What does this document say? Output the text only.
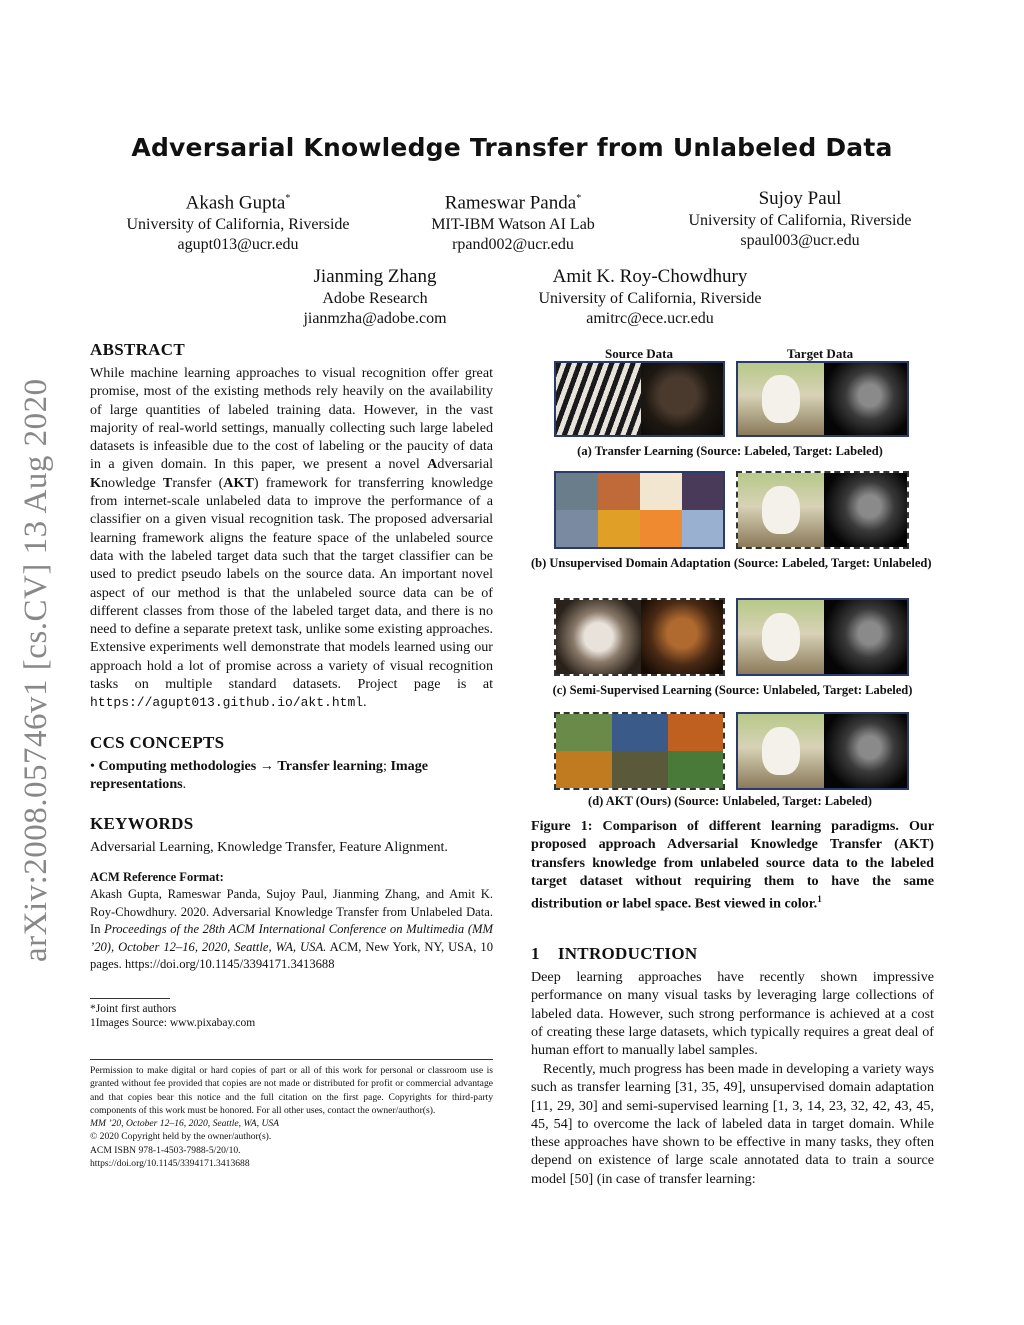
arXiv:2008.05746v1 [cs.CV] 13 Aug 2020
Adversarial Knowledge Transfer from Unlabeled Data
Akash Gupta*
University of California, Riverside
agupt013@ucr.edu
Rameswar Panda*
MIT-IBM Watson AI Lab
rpand002@ucr.edu
Sujoy Paul
University of California, Riverside
spaul003@ucr.edu
Jianming Zhang
Adobe Research
jianmzha@adobe.com
Amit K. Roy-Chowdhury
University of California, Riverside
amitrc@ece.ucr.edu
ABSTRACT
While machine learning approaches to visual recognition offer great promise, most of the existing methods rely heavily on the availability of large quantities of labeled training data. However, in the vast majority of real-world settings, manually collecting such large labeled datasets is infeasible due to the cost of labeling or the paucity of data in a given domain. In this paper, we present a novel Adversarial Knowledge Transfer (AKT) framework for transferring knowledge from internet-scale unlabeled data to improve the performance of a classifier on a given visual recognition task. The proposed adversarial learning framework aligns the feature space of the unlabeled source data with the labeled target data such that the target classifier can be used to predict pseudo labels on the source data. An important novel aspect of our method is that the unlabeled source data can be of different classes from those of the labeled target data, and there is no need to define a separate pretext task, unlike some existing approaches. Extensive experiments well demonstrate that models learned using our approach hold a lot of promise across a variety of visual recognition tasks on multiple standard datasets. Project page is at https://agupt013.github.io/akt.html.
CCS CONCEPTS
• Computing methodologies → Transfer learning; Image representations.
KEYWORDS
Adversarial Learning, Knowledge Transfer, Feature Alignment.
ACM Reference Format:
Akash Gupta, Rameswar Panda, Sujoy Paul, Jianming Zhang, and Amit K. Roy-Chowdhury. 2020. Adversarial Knowledge Transfer from Unlabeled Data. In Proceedings of the 28th ACM International Conference on Multimedia (MM ’20), October 12–16, 2020, Seattle, WA, USA. ACM, New York, NY, USA, 10 pages. https://doi.org/10.1145/3394171.3413688
*Joint first authors
1Images Source: www.pixabay.com
Permission to make digital or hard copies of part or all of this work for personal or classroom use is granted without fee provided that copies are not made or distributed for profit or commercial advantage and that copies bear this notice and the full citation on the first page. Copyrights for third-party components of this work must be honored. For all other uses, contact the owner/author(s).
MM ’20, October 12–16, 2020, Seattle, WA, USA
© 2020 Copyright held by the owner/author(s).
ACM ISBN 978-1-4503-7988-5/20/10.
https://doi.org/10.1145/3394171.3413688
Source Data	Target Data
(a) Transfer Learning (Source: Labeled, Target: Labeled)
(b) Unsupervised Domain Adaptation (Source: Labeled, Target: Unlabeled)
(c) Semi-Supervised Learning (Source: Unlabeled, Target: Labeled)
(d) AKT (Ours) (Source: Unlabeled, Target: Labeled)
Figure 1: Comparison of different learning paradigms. Our proposed approach Adversarial Knowledge Transfer (AKT) transfers knowledge from unlabeled source data to the labeled target dataset without requiring them to have the same distribution or label space. Best viewed in color.$^1$
1 INTRODUCTION
Deep learning approaches have recently shown impressive performance on many visual tasks by leveraging large collections of labeled data. However, such strong performance is achieved at a cost of creating these large datasets, which typically requires a great deal of human effort to manually label samples.
Recently, much progress has been made in developing a variety ways such as transfer learning [31, 35, 49], unsupervised domain adaptation [11, 29, 30] and semi-supervised learning [1, 3, 14, 23, 32, 42, 43, 45, 45, 54] to overcome the lack of labeled data in target domain. While these approaches have shown to be effective in many tasks, they often depend on existence of large scale annotated data to train a source model [50] (in case of transfer learning:
